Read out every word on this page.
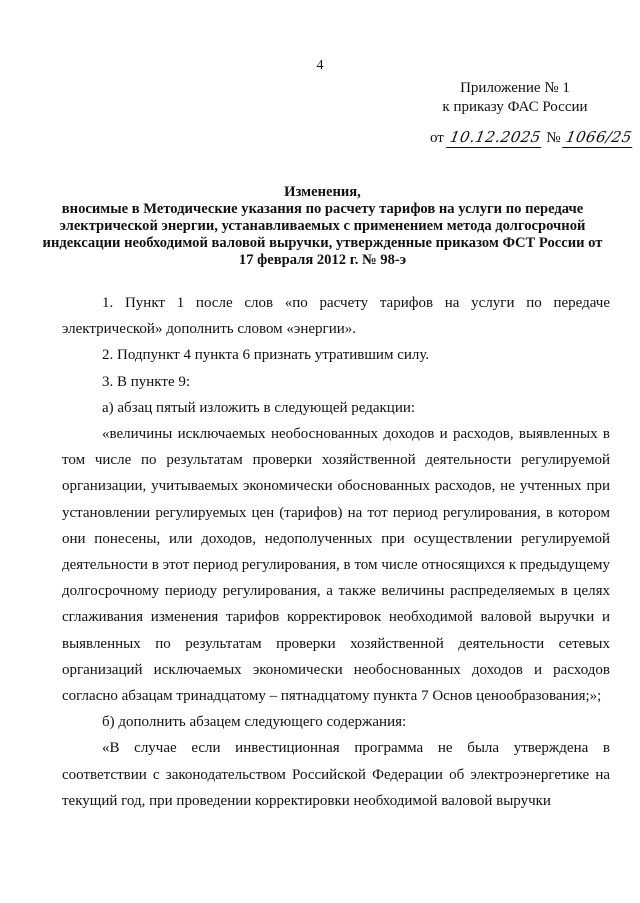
4
Приложение № 1
к приказу ФАС России
от 10.12.2025 № 1066/25
Изменения,
вносимые в Методические указания по расчету тарифов на услуги по передаче электрической энергии, устанавливаемых с применением метода долгосрочной индексации необходимой валовой выручки, утвержденные приказом ФСТ России от 17 февраля 2012 г. № 98-э

1. Пункт 1 после слов «по расчету тарифов на услуги по передаче электрической» дополнить словом «энергии».

2. Подпункт 4 пункта 6 признать утратившим силу.

3. В пункте 9:

а) абзац пятый изложить в следующей редакции:

«величины исключаемых необоснованных доходов и расходов, выявленных в том числе по результатам проверки хозяйственной деятельности регулируемой организации, учитываемых экономически обоснованных расходов, не учтенных при установлении регулируемых цен (тарифов) на тот период регулирования, в котором они понесены, или доходов, недополученных при осуществлении регулируемой деятельности в этот период регулирования, в том числе относящихся к предыдущему долгосрочному периоду регулирования, а также величины распределяемых в целях сглаживания изменения тарифов корректировок необходимой валовой выручки и выявленных по результатам проверки хозяйственной деятельности сетевых организаций исключаемых экономически необоснованных доходов и расходов согласно абзацам тринадцатому – пятнадцатому пункта 7 Основ ценообразования;»;

б) дополнить абзацем следующего содержания:

«В случае если инвестиционная программа не была утверждена в соответствии с законодательством Российской Федерации об электроэнергетике на текущий год, при проведении корректировки необходимой валовой выручки
